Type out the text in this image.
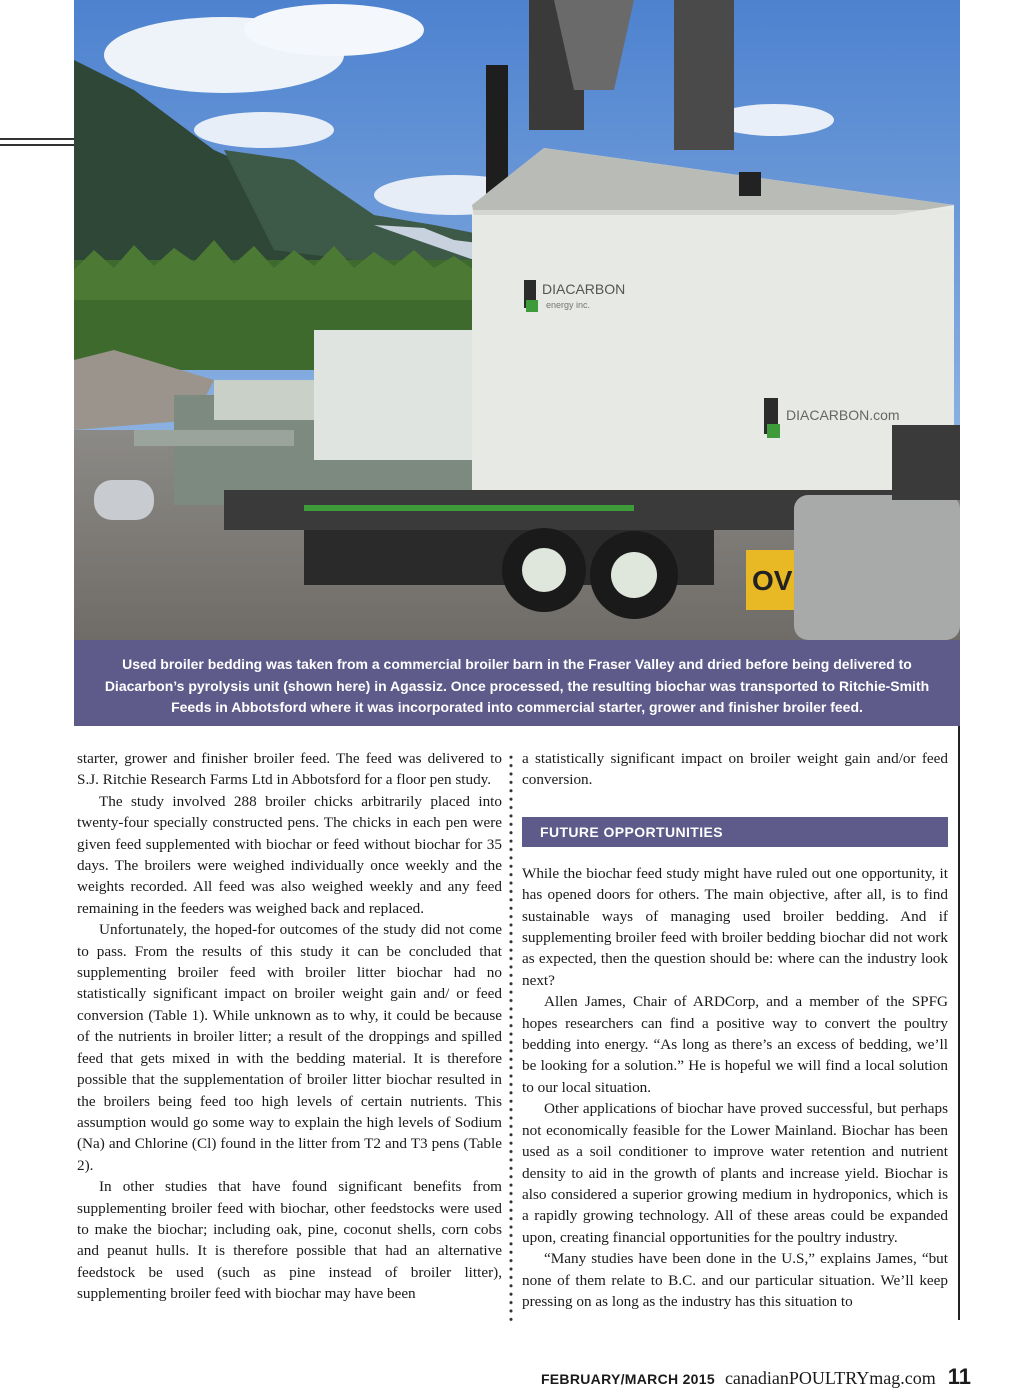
DIACARBON
energy inc.
DIACARBON.com
OV
Used broiler bedding was taken from a commercial broiler barn in the Fraser Valley and dried before being delivered to Diacarbon’s pyrolysis unit (shown here) in Agassiz. Once processed, the resulting biochar was transported to Ritchie-Smith Feeds in Abbotsford where it was incorporated into commercial starter, grower and finisher broiler feed.

starter, grower and finisher broiler feed. The feed was delivered to S.J. Ritchie Research Farms Ltd in Abbotsford for a floor pen study.

The study involved 288 broiler chicks arbitrarily placed into twenty-four specially constructed pens. The chicks in each pen were given feed supplemented with biochar or feed without biochar for 35 days. The broilers were weighed individually once weekly and the weights recorded. All feed was also weighed weekly and any feed remaining in the feeders was weighed back and replaced.

Unfortunately, the hoped-for outcomes of the study did not come to pass. From the results of this study it can be concluded that supplementing broiler feed with broiler litter biochar had no statistically significant impact on broiler weight gain and/ or feed conversion (Table 1). While unknown as to why, it could be because of the nutrients in broiler litter; a result of the droppings and spilled feed that gets mixed in with the bedding material. It is therefore possible that the supplementation of broiler litter biochar resulted in the broilers being feed too high levels of certain nutrients. This assumption would go some way to explain the high levels of Sodium (Na) and Chlorine (Cl) found in the litter from T2 and T3 pens (Table 2).

In other studies that have found significant benefits from supplementing broiler feed with biochar, other feedstocks were used to make the biochar; including oak, pine, coconut shells, corn cobs and peanut hulls. It is therefore possible that had an alternative feedstock be used (such as pine instead of broiler litter), supplementing broiler feed with biochar may have been

a statistically significant impact on broiler weight gain and/or feed conversion.

FUTURE OPPORTUNITIES

While the biochar feed study might have ruled out one opportunity, it has opened doors for others. The main objective, after all, is to find sustainable ways of managing used broiler bedding. And if supplementing broiler feed with broiler bedding biochar did not work as expected, then the question should be: where can the industry look next?

Allen James, Chair of ARDCorp, and a member of the SPFG hopes researchers can find a positive way to convert the poultry bedding into energy. “As long as there’s an excess of bedding, we’ll be looking for a solution.” He is hopeful we will find a local solution to our local situation.

Other applications of biochar have proved successful, but perhaps not economically feasible for the Lower Mainland. Biochar has been used as a soil conditioner to improve water retention and nutrient density to aid in the growth of plants and increase yield. Biochar is also considered a superior growing medium in hydroponics, which is a rapidly growing technology. All of these areas could be expanded upon, creating financial opportunities for the poultry industry.

“Many studies have been done in the U.S,” explains James, “but none of them relate to B.C. and our particular situation. We’ll keep pressing on as long as the industry has this situation to

FEBRUARY/MARCH 2015 canadianPOULTRYmag.com 11
